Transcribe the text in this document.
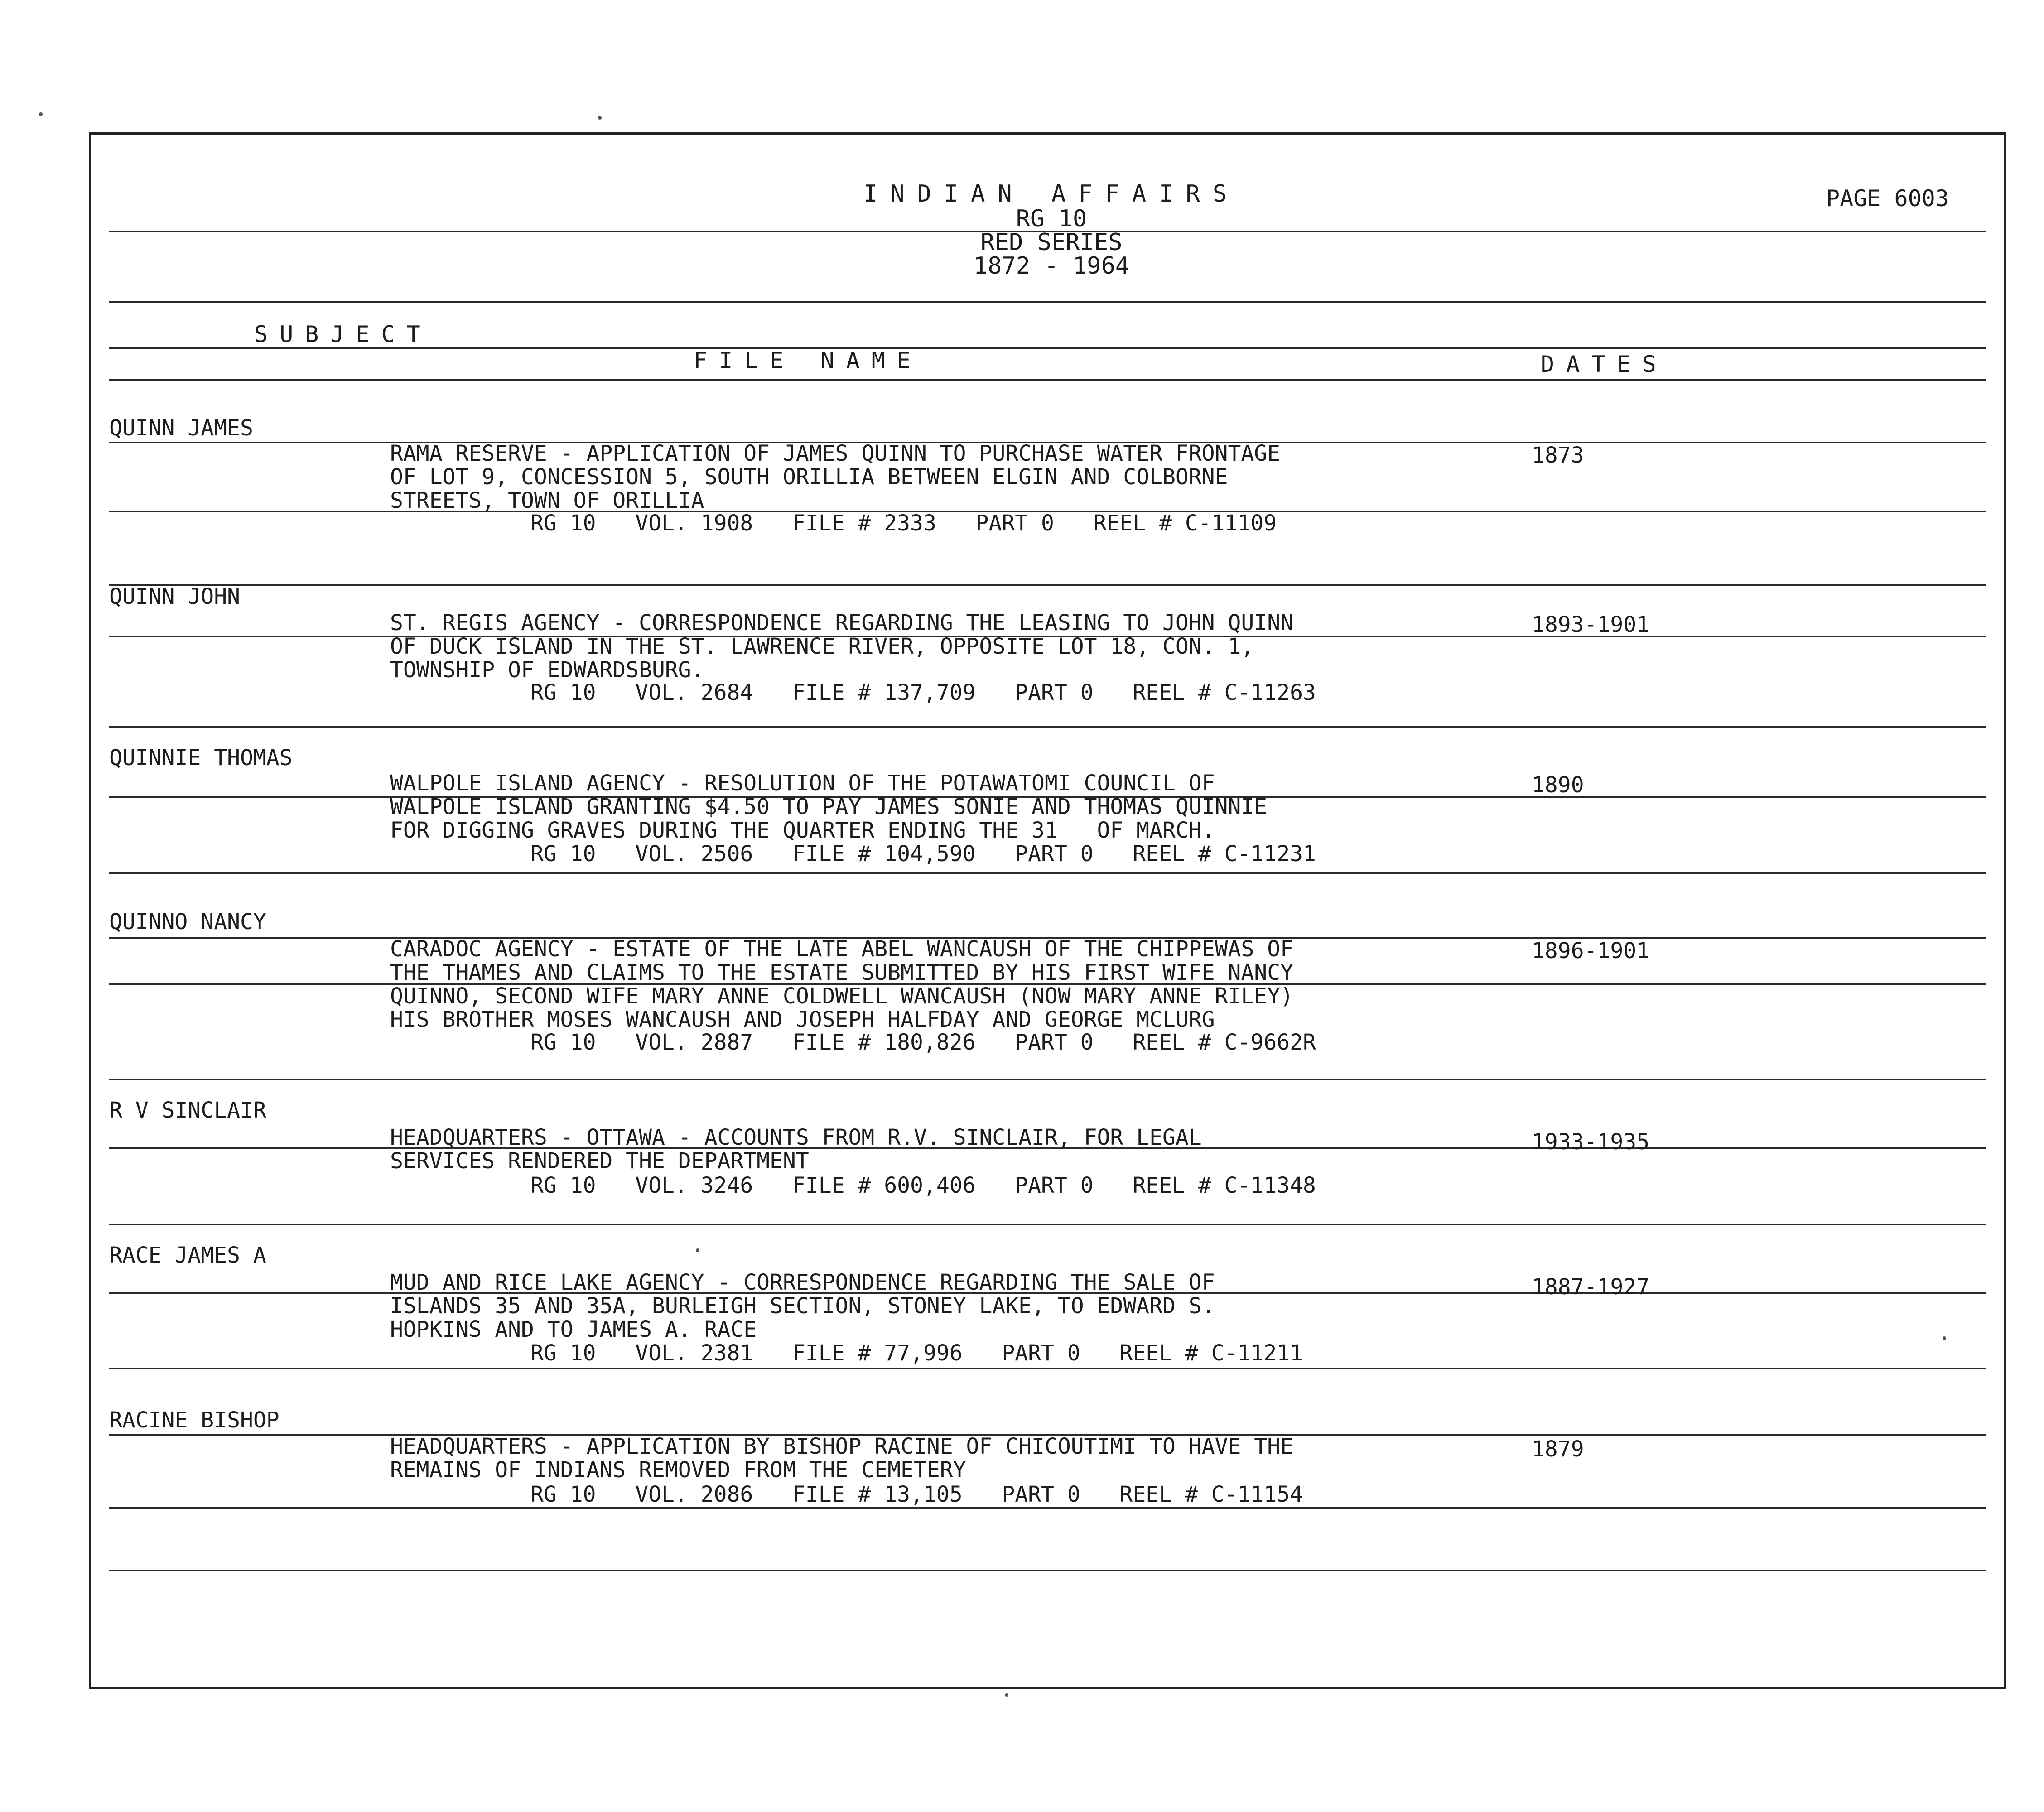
INDIAN AFFAIRS
RG 10
PAGE 6003
RED SERIES
1872 - 1964
SUBJECT
FILE NAME	DATES
QUINN JAMES
RAMA RESERVE - APPLICATION OF JAMES QUINN TO PURCHASE WATER FRONTAGE
OF LOT 9, CONCESSION 5, SOUTH ORILLIA BETWEEN ELGIN AND COLBORNE
STREETS, TOWN OF ORILLIA
RG 10   VOL. 1908   FILE # 2333   PART 0   REEL # C-11109
1873
QUINN JOHN
ST. REGIS AGENCY - CORRESPONDENCE REGARDING THE LEASING TO JOHN QUINN
OF DUCK ISLAND IN THE ST. LAWRENCE RIVER, OPPOSITE LOT 18, CON. 1,
TOWNSHIP OF EDWARDSBURG.
RG 10   VOL. 2684   FILE # 137,709   PART 0   REEL # C-11263
1893-1901
QUINNIE THOMAS
WALPOLE ISLAND AGENCY - RESOLUTION OF THE POTAWATOMI COUNCIL OF
WALPOLE ISLAND GRANTING $4.50 TO PAY JAMES SONIE AND THOMAS QUINNIE
FOR DIGGING GRAVES DURING THE QUARTER ENDING THE 31   OF MARCH.
RG 10   VOL. 2506   FILE # 104,590   PART 0   REEL # C-11231
1890
QUINNO NANCY
CARADOC AGENCY - ESTATE OF THE LATE ABEL WANCAUSH OF THE CHIPPEWAS OF
THE THAMES AND CLAIMS TO THE ESTATE SUBMITTED BY HIS FIRST WIFE NANCY
QUINNO, SECOND WIFE MARY ANNE COLDWELL WANCAUSH (NOW MARY ANNE RILEY)
HIS BROTHER MOSES WANCAUSH AND JOSEPH HALFDAY AND GEORGE MCLURG
RG 10   VOL. 2887   FILE # 180,826   PART 0   REEL # C-9662R
1896-1901
R V SINCLAIR
HEADQUARTERS - OTTAWA - ACCOUNTS FROM R.V. SINCLAIR, FOR LEGAL
SERVICES RENDERED THE DEPARTMENT
RG 10   VOL. 3246   FILE # 600,406   PART 0   REEL # C-11348
1933-1935
RACE JAMES A
MUD AND RICE LAKE AGENCY - CORRESPONDENCE REGARDING THE SALE OF
ISLANDS 35 AND 35A, BURLEIGH SECTION, STONEY LAKE, TO EDWARD S.
HOPKINS AND TO JAMES A. RACE
RG 10   VOL. 2381   FILE # 77,996   PART 0   REEL # C-11211
1887-1927
RACINE BISHOP
HEADQUARTERS - APPLICATION BY BISHOP RACINE OF CHICOUTIMI TO HAVE THE
REMAINS OF INDIANS REMOVED FROM THE CEMETERY
RG 10   VOL. 2086   FILE # 13,105   PART 0   REEL # C-11154
1879
